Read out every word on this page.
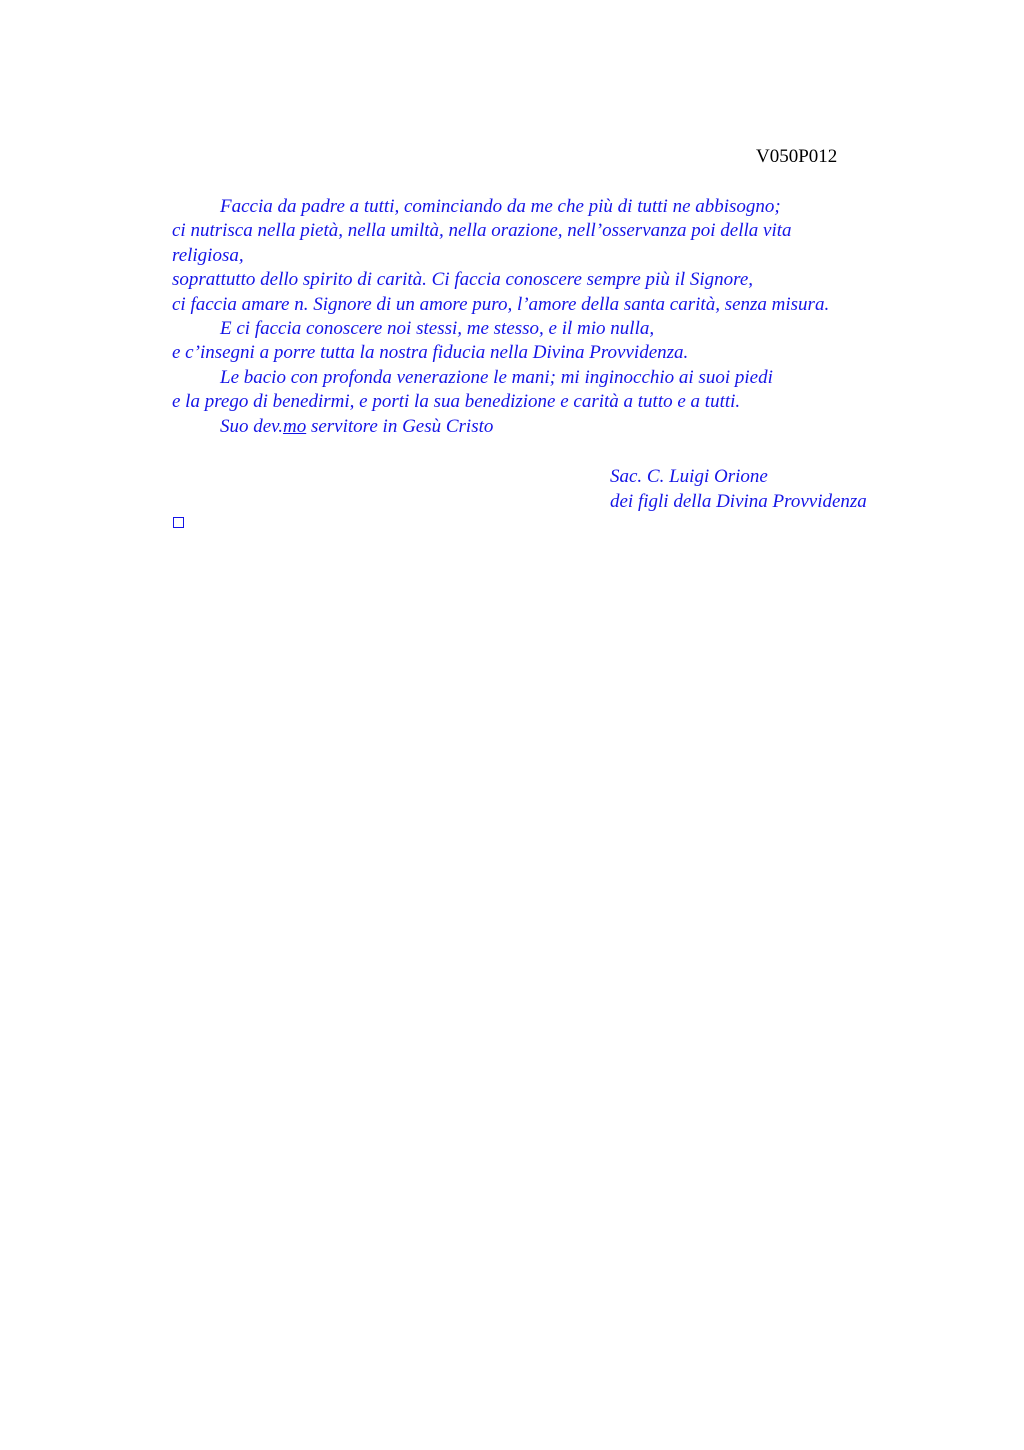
V050P012
Faccia da padre a tutti, cominciando da me che più di tutti ne abbisogno;
ci nutrisca nella pietà, nella umiltà, nella orazione, nell’osservanza poi della vita
religiosa,
soprattutto dello spirito di carità. Ci faccia conoscere sempre più il Signore,
ci faccia amare n. Signore di un amore puro, l’amore della santa carità, senza misura.
E ci faccia conoscere noi stessi, me stesso, e il mio nulla,
e c’insegni a porre tutta la nostra fiducia nella Divina Provvidenza.
Le bacio con profonda venerazione le mani; mi inginocchio ai suoi piedi
e la prego di benedirmi, e porti la sua benedizione e carità a tutto e a tutti.
Suo dev.mo servitore in Gesù Cristo
Sac. C. Luigi Orione
dei figli della Divina Provvidenza
